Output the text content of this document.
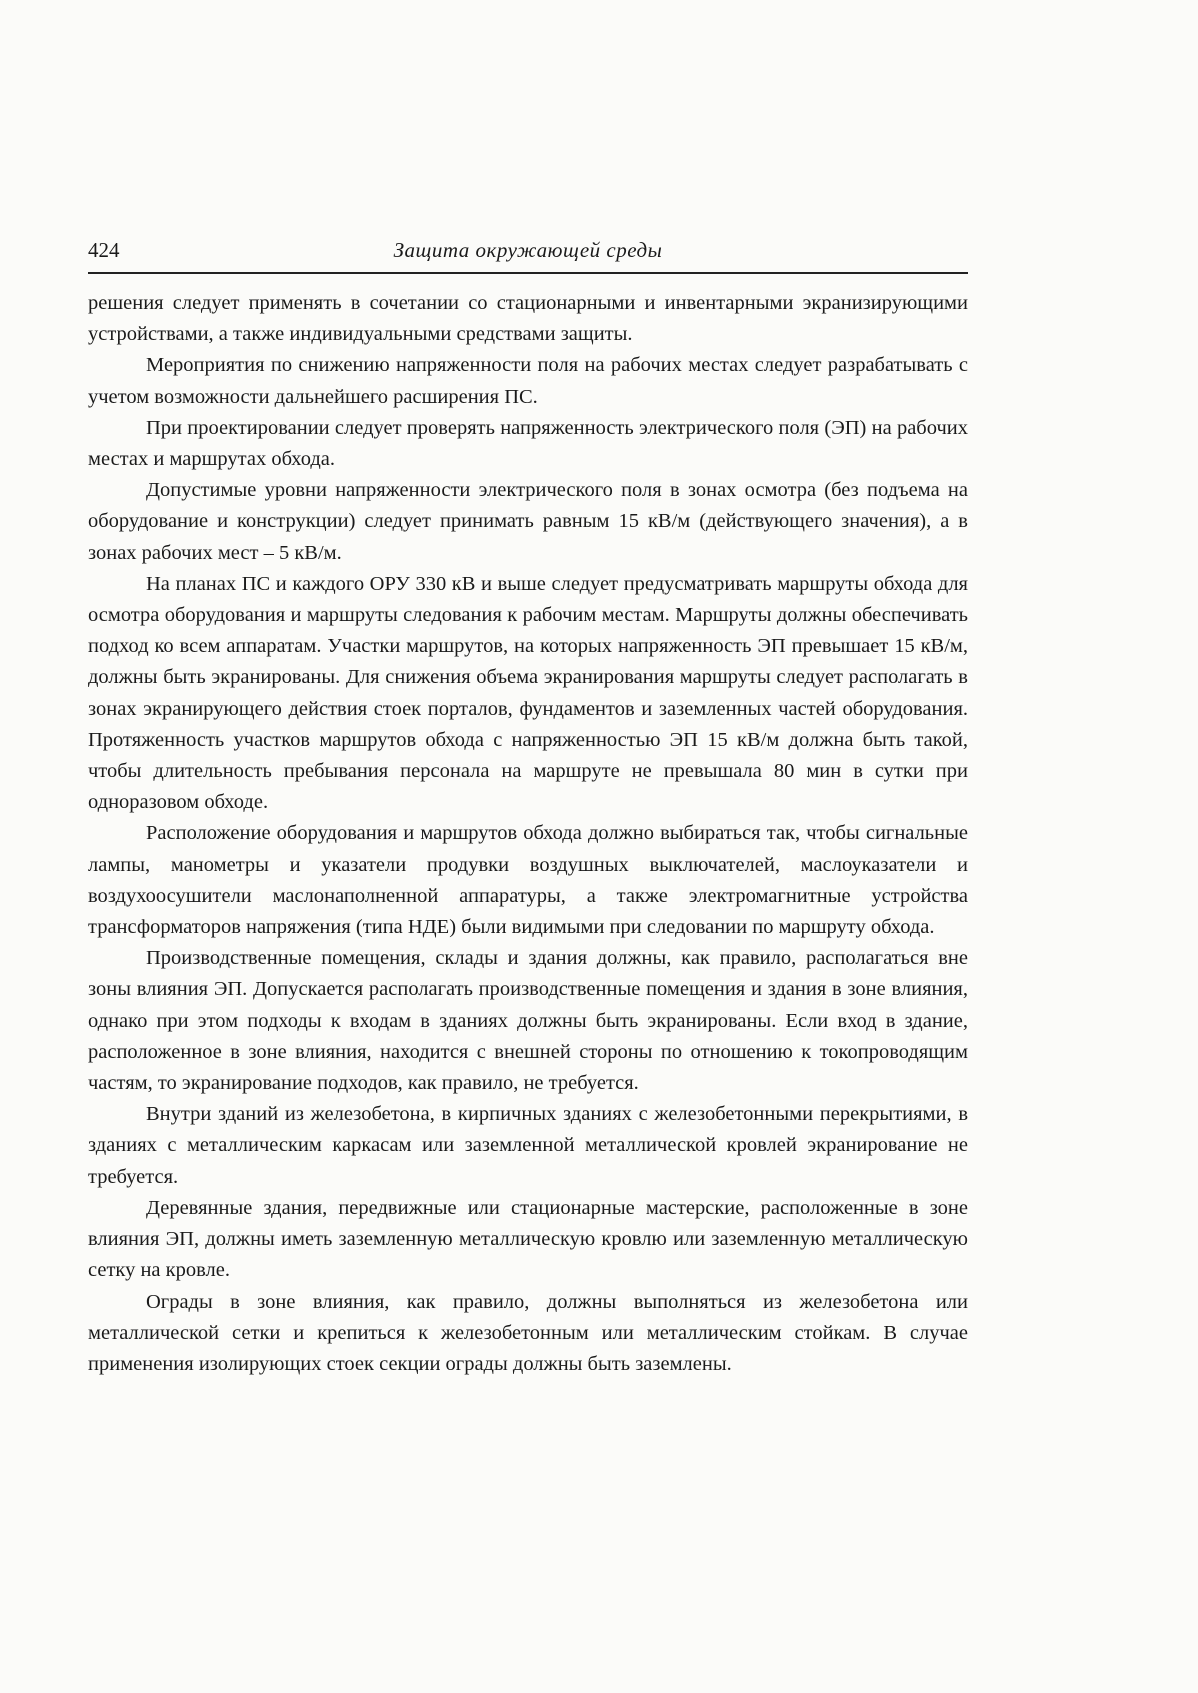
424	Защита окружающей среды

решения следует применять в сочетании со стационарными и инвентарными экранизирующими устройствами, а также индивидуальными средствами защиты.

Мероприятия по снижению напряженности поля на рабочих местах следует разрабатывать с учетом возможности дальнейшего расширения ПС.

При проектировании следует проверять напряженность электрического поля (ЭП) на рабочих местах и маршрутах обхода.

Допустимые уровни напряженности электрического поля в зонах осмотра (без подъема на оборудование и конструкции) следует принимать равным 15 кВ/м (действующего значения), а в зонах рабочих мест – 5 кВ/м.

На планах ПС и каждого ОРУ 330 кВ и выше следует предусматривать маршруты обхода для осмотра оборудования и маршруты следования к рабочим местам. Маршруты должны обеспечивать подход ко всем аппаратам. Участки маршрутов, на которых напряженность ЭП превышает 15 кВ/м, должны быть экранированы. Для снижения объема экранирования маршруты следует располагать в зонах экранирующего действия стоек порталов, фундаментов и заземленных частей оборудования. Протяженность участков маршрутов обхода с напряженностью ЭП 15 кВ/м должна быть такой, чтобы длительность пребывания персонала на маршруте не превышала 80 мин в сутки при одноразовом обходе.

Расположение оборудования и маршрутов обхода должно выбираться так, чтобы сигнальные лампы, манометры и указатели продувки воздушных выключателей, маслоуказатели и воздухоосушители маслонаполненной аппаратуры, а также электромагнитные устройства трансформаторов напряжения (типа НДЕ) были видимыми при следовании по маршруту обхода.

Производственные помещения, склады и здания должны, как правило, располагаться вне зоны влияния ЭП. Допускается располагать производственные помещения и здания в зоне влияния, однако при этом подходы к входам в зданиях должны быть экранированы. Если вход в здание, расположенное в зоне влияния, находится с внешней стороны по отношению к токопроводящим частям, то экранирование подходов, как правило, не требуется.

Внутри зданий из железобетона, в кирпичных зданиях с железобетонными перекрытиями, в зданиях с металлическим каркасам или заземленной металлической кровлей экранирование не требуется.

Деревянные здания, передвижные или стационарные мастерские, расположенные в зоне влияния ЭП, должны иметь заземленную металлическую кровлю или заземленную металлическую сетку на кровле.

Ограды в зоне влияния, как правило, должны выполняться из железобетона или металлической сетки и крепиться к железобетонным или металлическим стойкам. В случае применения изолирующих стоек секции ограды должны быть заземлены.
